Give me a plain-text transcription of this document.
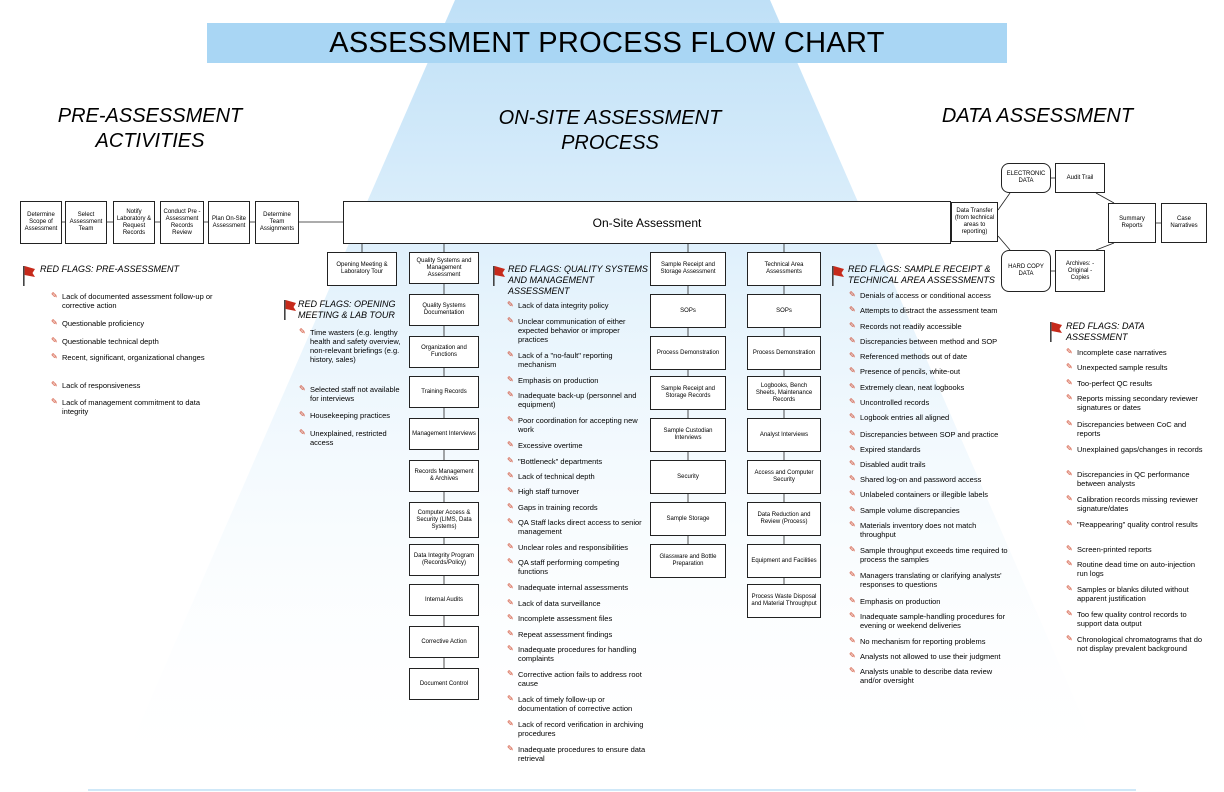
ASSESSMENT PROCESS FLOW CHART
PRE-ASSESSMENT ACTIVITIES
ON-SITE ASSESSMENT PROCESS
DATA ASSESSMENT
Determine Scope of Assessment
Select Assessment Team
Notify Laboratory & Request Records
Conduct Pre -Assessment Records Review
Plan On-Site Assessment
Determine Team Assignments	On-Site Assessment
Opening Meeting & Laboratory Tour
Quality Systems and Management Assessment
Quality Systems Documentation
Organization and Functions
Training Records
Management Interviews
Records Management & Archives
Computer Access & Security (LIMS, Data Systems)
Data Integrity Program (Records/Policy)
Internal Audits
Corrective Action
Document Control
Sample Receipt and Storage Assessment
SOPs
Process Demonstration
Sample Receipt and Storage Records
Sample Custodian Interviews
Security
Sample Storage
Glassware and Bottle Preparation
Technical Area Assessments
SOPs
Process Demonstration
Logbooks, Bench Sheets, Maintenance Records
Analyst Interviews
Access and Computer Security
Data Reduction and Review (Process)
Equipment and Facilities
Process Waste Disposal and Material Throughput
ELECTRONIC DATA
Audit Trail
Data Transfer (from technical areas to reporting)
Summary Reports
Case Narratives
HARD COPY DATA
Archives: - Original - Copies
RED FLAGS: PRE-ASSESSMENT
✎ Lack of documented assessment follow-up or corrective action
✎ Questionable proficiency
✎ Questionable technical depth
✎ Recent, significant, organizational changes
✎ Lack of responsiveness
✎ Lack of management commitment to data integrity
RED FLAGS: OPENING MEETING & LAB TOUR
✎ Time wasters (e.g. lengthy health and safety overview, non-relevant briefings (e.g. history, sales)
✎ Selected staff not available for interviews
✎ Housekeeping practices
✎ Unexplained, restricted access
RED FLAGS: QUALITY SYSTEMS AND MANAGEMENT ASSESSMENT
✎ Lack of data integrity policy
✎ Unclear communication of either expected behavior or improper practices
✎ Lack of a "no-fault" reporting mechanism
✎ Emphasis on production
✎ Inadequate back-up (personnel and equipment)
✎ Poor coordination for accepting new work
✎ Excessive overtime
✎ "Bottleneck" departments
✎ Lack of technical depth
✎ High staff turnover
✎ Gaps in training records
✎ QA Staff lacks direct access to senior management
✎ Unclear roles and responsibilities
✎ QA staff performing competing functions
✎ Inadequate internal assessments
✎ Lack of data surveillance
✎ Incomplete assessment files
✎ Repeat assessment findings
✎ Inadequate procedures for handling complaints
✎ Corrective action fails to address root cause
✎ Lack of timely follow-up or documentation of corrective action
✎ Lack of record verification in archiving procedures
✎ Inadequate procedures to ensure data retrieval
RED FLAGS: SAMPLE RECEIPT & TECHNICAL AREA ASSESSMENTS
✎ Denials of access or conditional access
✎ Attempts to distract the assessment team
✎ Records not readily accessible
✎ Discrepancies between method and SOP
✎ Referenced methods out of date
✎ Presence of pencils, white-out
✎ Extremely clean, neat logbooks
✎ Uncontrolled records
✎ Logbook entries all aligned
✎ Discrepancies between SOP and practice
✎ Expired standards
✎ Disabled audit trails
✎ Shared log-on and password access
✎ Unlabeled containers or illegible labels
✎ Sample volume discrepancies
✎ Materials inventory does not match throughput
✎ Sample throughput exceeds time required to process the samples
✎ Managers translating or clarifying analysts' responses to questions
✎ Emphasis on production
✎ Inadequate sample-handling procedures for evening or weekend deliveries
✎ No mechanism for reporting problems
✎ Analysts not allowed to use their judgment
✎ Analysts unable to describe data review and/or oversight
RED FLAGS: DATA ASSESSMENT
✎ Incomplete case narratives
✎ Unexpected sample results
✎ Too-perfect QC results
✎ Reports missing secondary reviewer signatures or dates
✎ Discrepancies between CoC and reports
✎ Unexplained gaps/changes in records
✎ Discrepancies in QC performance between analysts
✎ Calibration records missing reviewer signature/dates
✎ "Reappearing" quality control results
✎ Screen-printed reports
✎ Routine dead time on auto-injection run logs
✎ Samples or blanks diluted without apparent justification
✎ Too few quality control records to support data output
✎ Chronological chromatograms that do not display prevalent background
